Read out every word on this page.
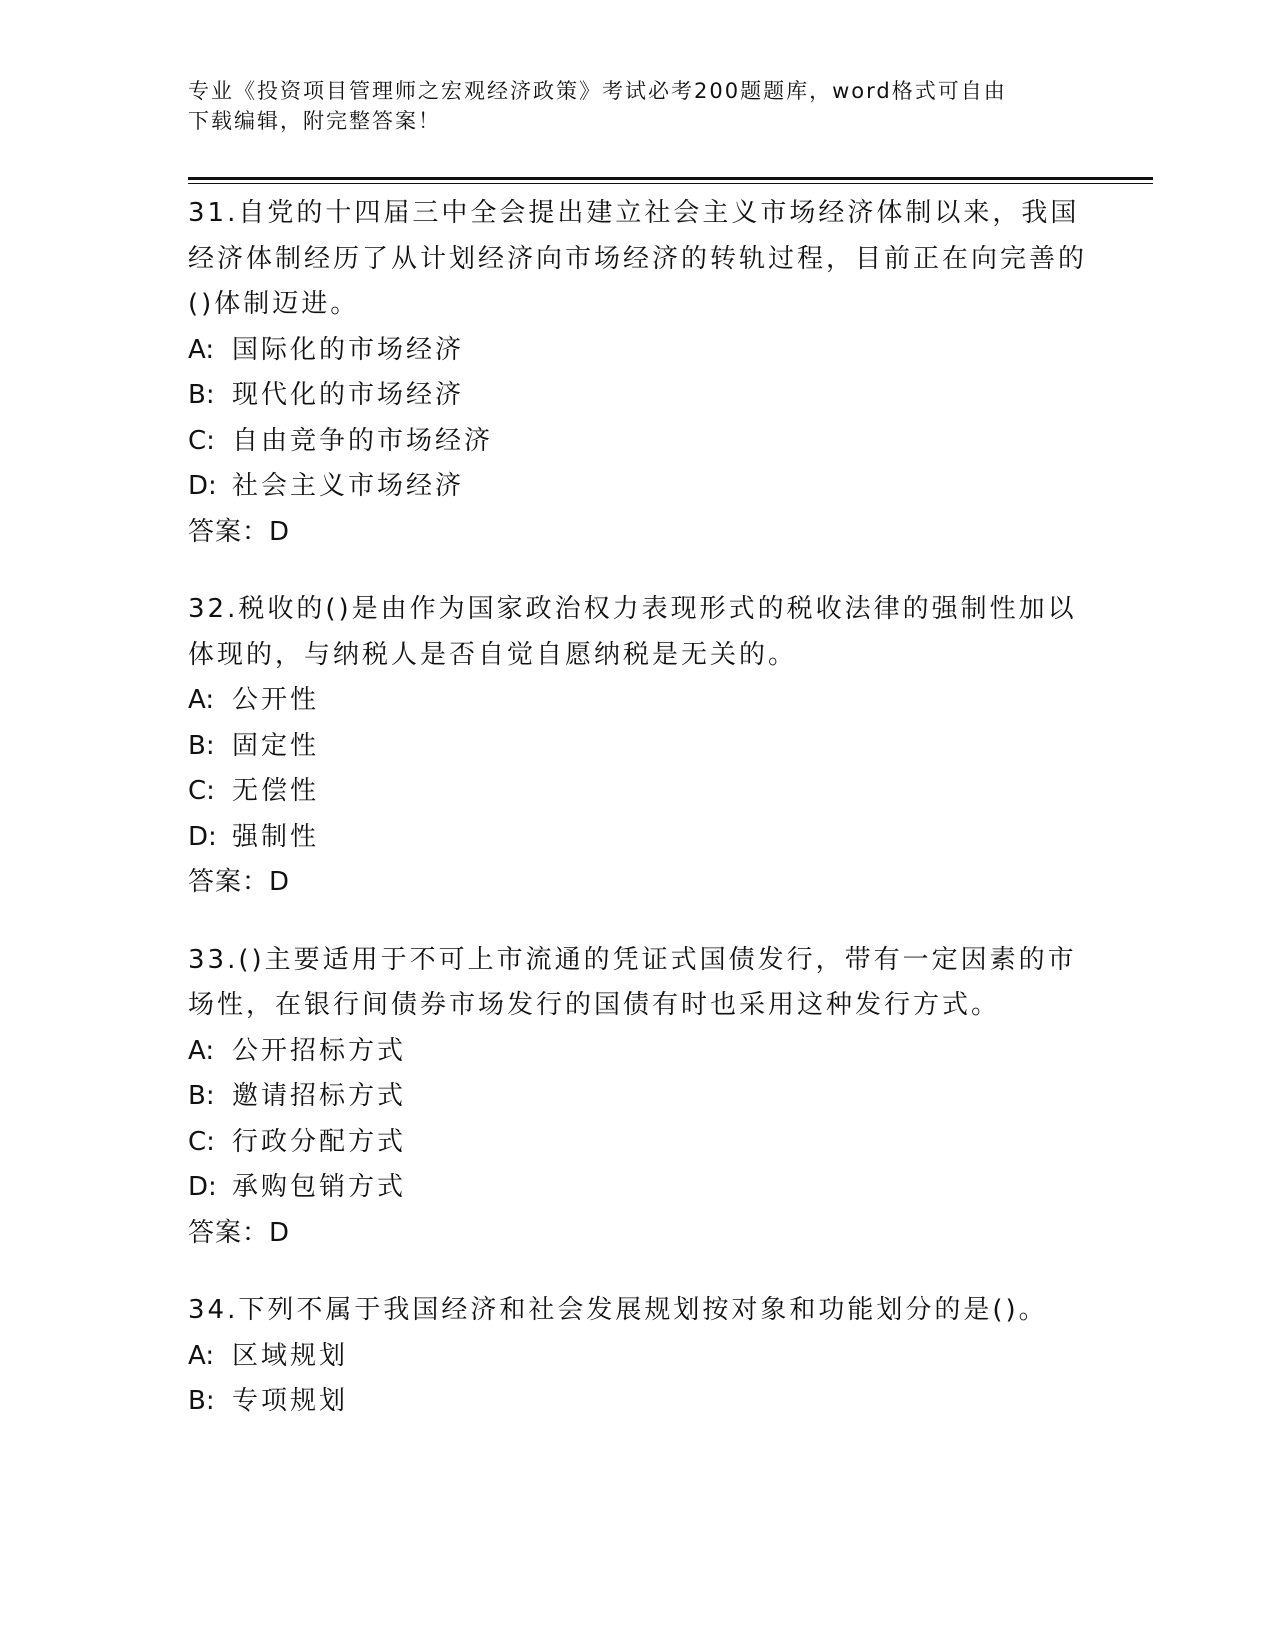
专业《投资项目管理师之宏观经济政策》考试必考200题题库，word格式可自由
下载编辑，附完整答案！

31.自党的十四届三中全会提出建立社会主义市场经济体制以来，我国经济体制经历了从计划经济向市场经济的转轨过程，目前正在向完善的()体制迈进。

A: 国际化的市场经济

B: 现代化的市场经济

C: 自由竞争的市场经济

D: 社会主义市场经济

答案：D

32.税收的()是由作为国家政治权力表现形式的税收法律的强制性加以体现的，与纳税人是否自觉自愿纳税是无关的。

A: 公开性

B: 固定性

C: 无偿性

D: 强制性

答案：D

33.()主要适用于不可上市流通的凭证式国债发行，带有一定因素的市场性，在银行间债券市场发行的国债有时也采用这种发行方式。

A: 公开招标方式

B: 邀请招标方式

C: 行政分配方式

D: 承购包销方式

答案：D

34.下列不属于我国经济和社会发展规划按对象和功能划分的是()。

A: 区域规划

B: 专项规划
